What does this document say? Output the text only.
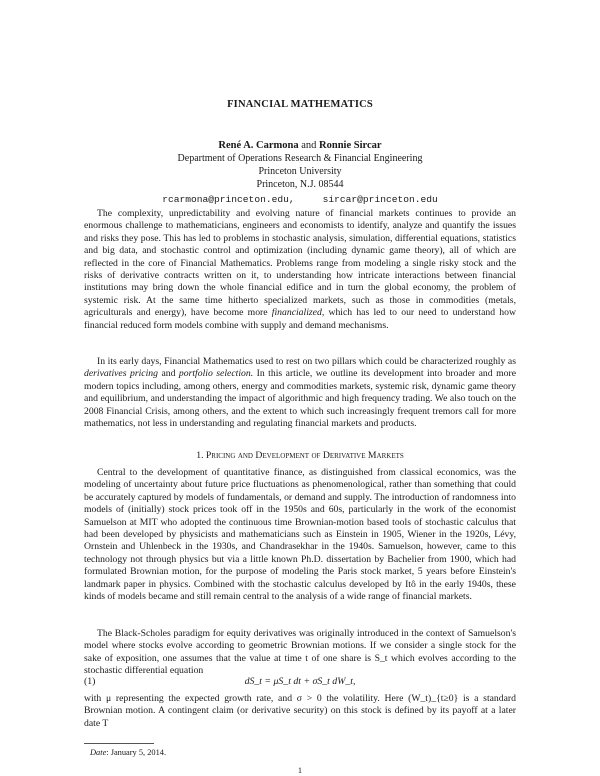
FINANCIAL MATHEMATICS
René A. Carmona and Ronnie Sircar
Department of Operations Research & Financial Engineering
Princeton University
Princeton, N.J. 08544
rcarmona@princeton.edu,	sircar@princeton.edu

The complexity, unpredictability and evolving nature of financial markets continues to provide an enormous challenge to mathematicians, engineers and economists to identify, analyze and quantify the issues and risks they pose. This has led to problems in stochastic analysis, simulation, differential equations, statistics and big data, and stochastic control and optimization (including dynamic game theory), all of which are reflected in the core of Financial Mathematics. Problems range from modeling a single risky stock and the risks of derivative contracts written on it, to understanding how intricate interactions between financial institutions may bring down the whole financial edifice and in turn the global economy, the problem of systemic risk. At the same time hitherto specialized markets, such as those in commodities (metals, agriculturals and energy), have become more financialized, which has led to our need to understand how financial reduced form models combine with supply and demand mechanisms.

In its early days, Financial Mathematics used to rest on two pillars which could be characterized roughly as derivatives pricing and portfolio selection. In this article, we outline its development into broader and more modern topics including, among others, energy and commodities markets, systemic risk, dynamic game theory and equilibrium, and understanding the impact of algorithmic and high frequency trading. We also touch on the 2008 Financial Crisis, among others, and the extent to which such increasingly frequent tremors call for more mathematics, not less in understanding and regulating financial markets and products.

1. Pricing and Development of Derivative Markets

Central to the development of quantitative finance, as distinguished from classical economics, was the modeling of uncertainty about future price fluctuations as phenomenological, rather than something that could be accurately captured by models of fundamentals, or demand and supply. The introduction of randomness into models of (initially) stock prices took off in the 1950s and 60s, particularly in the work of the economist Samuelson at MIT who adopted the continuous time Brownian-motion based tools of stochastic calculus that had been developed by physicists and mathematicians such as Einstein in 1905, Wiener in the 1920s, Lévy, Ornstein and Uhlenbeck in the 1930s, and Chandrasekhar in the 1940s. Samuelson, however, came to this technology not through physics but via a little known Ph.D. dissertation by Bachelier from 1900, which had formulated Brownian motion, for the purpose of modeling the Paris stock market, 5 years before Einstein's landmark paper in physics. Combined with the stochastic calculus developed by Itô in the early 1940s, these kinds of models became and still remain central to the analysis of a wide range of financial markets.

The Black-Scholes paradigm for equity derivatives was originally introduced in the context of Samuelson's model where stocks evolve according to geometric Brownian motions. If we consider a single stock for the sake of exposition, one assumes that the value at time t of one share is S_t which evolves according to the stochastic differential equation

(1)	dS_t = μS_t dt + σS_t dW_t,

with μ representing the expected growth rate, and σ > 0 the volatility. Here (W_t)_{t≥0} is a standard Brownian motion. A contingent claim (or derivative security) on this stock is defined by its payoff at a later date T

Date: January 5, 2014.
1
